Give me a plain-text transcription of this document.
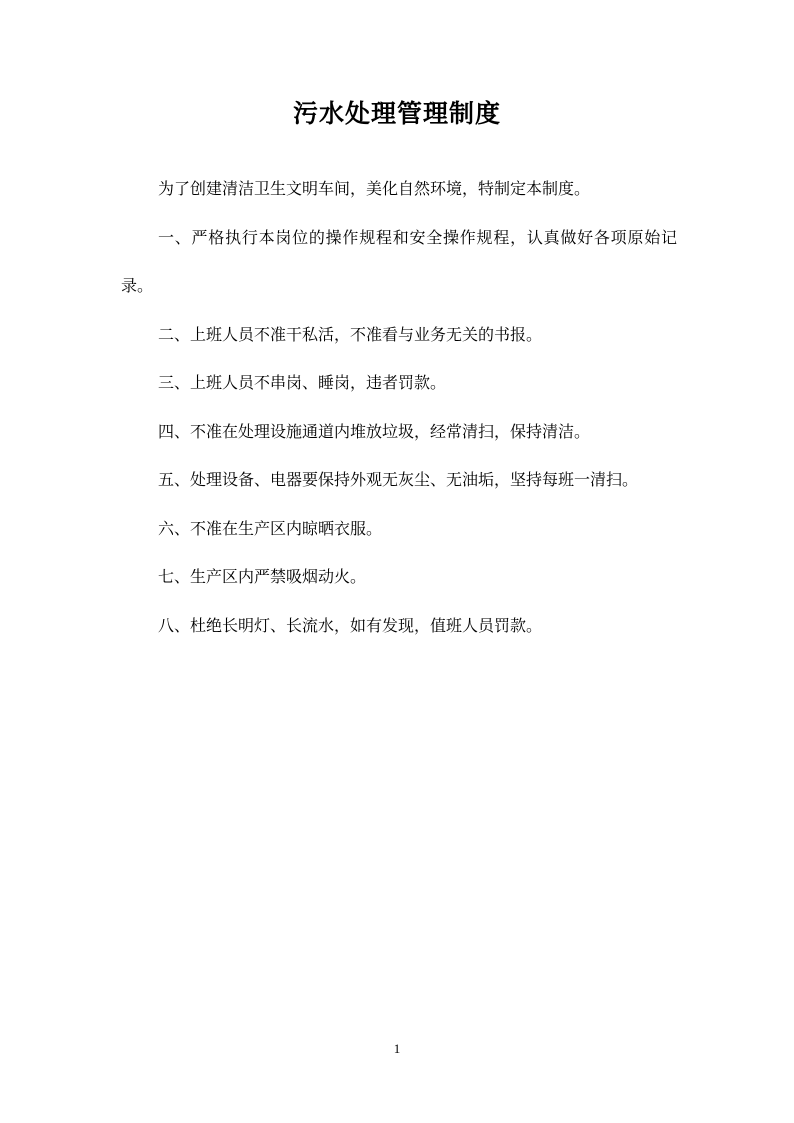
污水处理管理制度

为了创建清洁卫生文明车间，美化自然环境，特制定本制度。

一、严格执行本岗位的操作规程和安全操作规程，认真做好各项原始记录。

二、上班人员不准干私活，不准看与业务无关的书报。

三、上班人员不串岗、睡岗，违者罚款。

四、不准在处理设施通道内堆放垃圾，经常清扫，保持清洁。

五、处理设备、电器要保持外观无灰尘、无油垢，坚持每班一清扫。

六、不准在生产区内晾晒衣服。

七、生产区内严禁吸烟动火。

八、杜绝长明灯、长流水，如有发现，值班人员罚款。

1
